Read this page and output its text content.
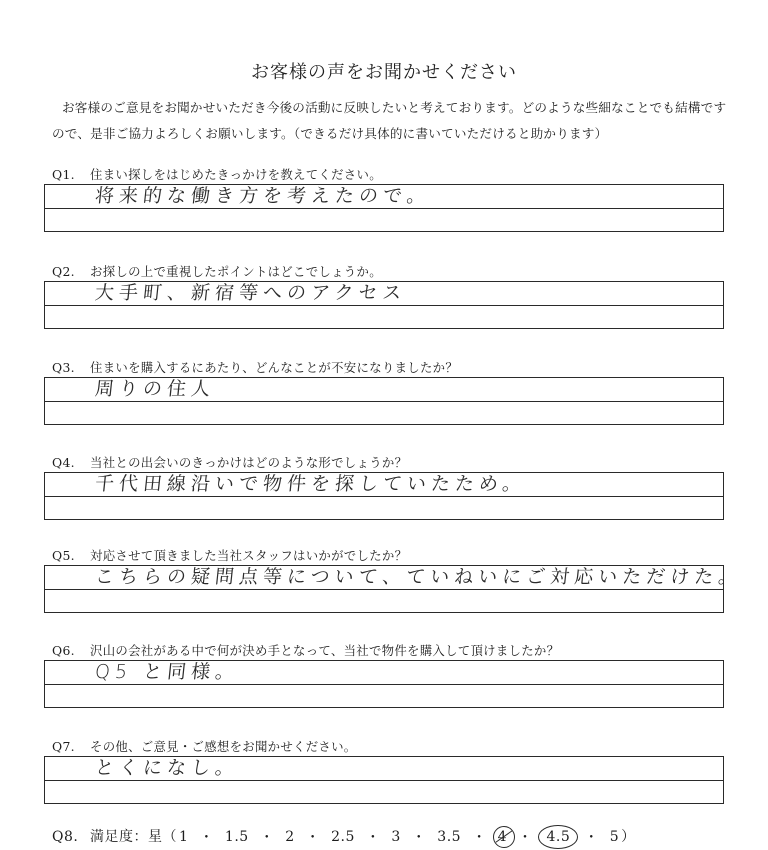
お客様の声をお聞かせください
お客様のご意見をお聞かせいただき今後の活動に反映したいと考えております。どのような些細なことでも結構ですので、是非ご協力よろしくお願いします。（できるだけ具体的に書いていただけると助かります）
Q1. 住まい探しをはじめたきっかけを教えてください。
将来的な働き方を考えたので。
Q2. お探しの上で重視したポイントはどこでしょうか。
大手町、新宿等へのアクセス
Q3. 住まいを購入するにあたり、どんなことが不安になりましたか？
周りの住人
Q4. 当社との出会いのきっかけはどのような形でしょうか？
千代田線沿いで物件を探していたため。
Q5. 対応させて頂きました当社スタッフはいかがでしたか？
こちらの疑問点等について、ていねいにご対応いただけた。
Q6. 沢山の会社がある中で何が決め手となって、当社で物件を購入して頂けましたか？
Q5 と同様。
Q7. その他、ご意見・ご感想をお聞かせください。
とくになし。
Q8. 満足度：星（ 1 ・ 1.5 ・ 2 ・ 2.5 ・ 3 ・ 3.5 ・ 4 ・	4.5	・ 5 ）
